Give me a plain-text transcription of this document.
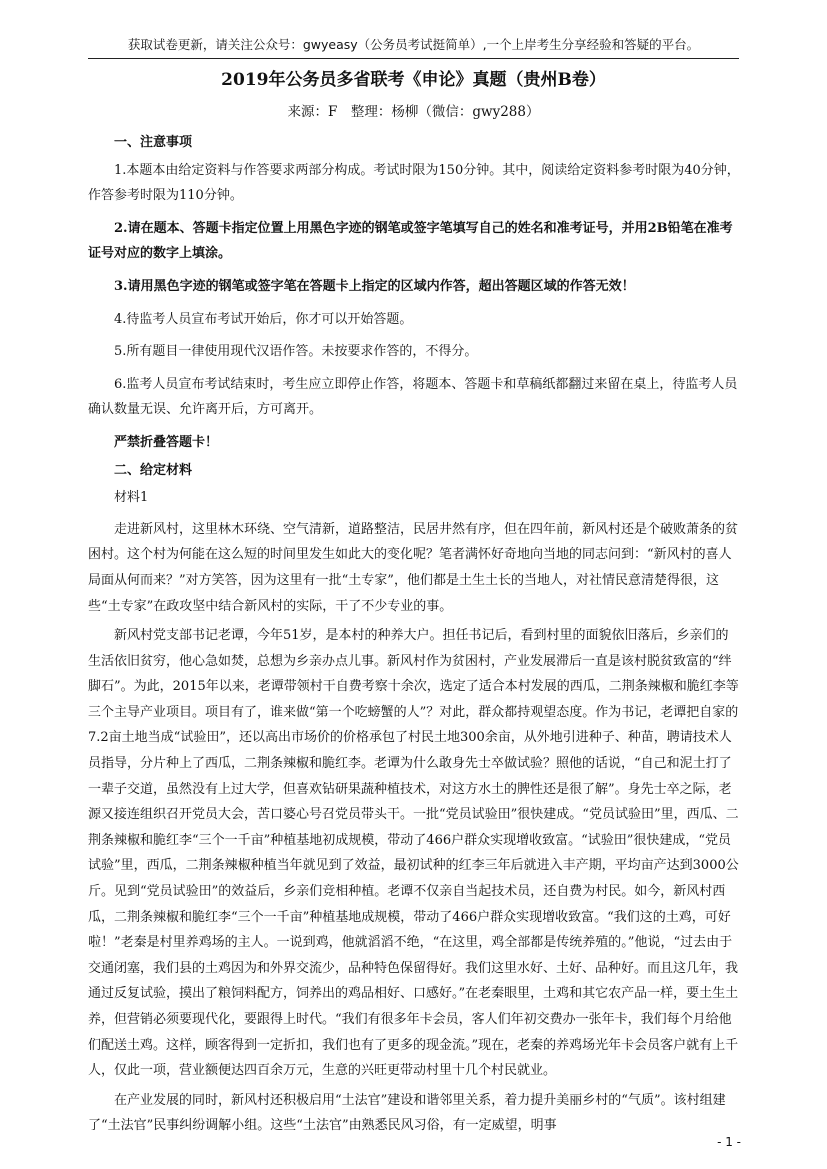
获取试卷更新，请关注公众号：gwyeasy（公务员考试挺简单）,一个上岸考生分享经验和答疑的平台。
2019年公务员多省联考《申论》真题（贵州B卷）
来源：F　整理：杨柳（微信：gwy288）

一、注意事项

1.本题本由给定资料与作答要求两部分构成。考试时限为150分钟。其中，阅读给定资料参考时限为40分钟，作答参考时限为110分钟。

2.请在题本、答题卡指定位置上用黑色字迹的钢笔或签字笔填写自己的姓名和准考证号，并用2B铅笔在准考证号对应的数字上填涂。

3.请用黑色字迹的钢笔或签字笔在答题卡上指定的区域内作答，超出答题区域的作答无效！

4.待监考人员宣布考试开始后，你才可以开始答题。

5.所有题目一律使用现代汉语作答。未按要求作答的，不得分。

6.监考人员宣布考试结束时，考生应立即停止作答，将题本、答题卡和草稿纸都翻过来留在桌上，待监考人员确认数量无误、允许离开后，方可离开。

严禁折叠答题卡！

二、给定材料

材料1

走进新风村，这里林木环绕、空气清新，道路整洁，民居井然有序，但在四年前，新风村还是个破败萧条的贫困村。这个村为何能在这么短的时间里发生如此大的变化呢？笔者满怀好奇地向当地的同志问到：“新风村的喜人局面从何而来？”对方笑答，因为这里有一批“土专家”，他们都是土生土长的当地人，对社情民意清楚得很，这些“土专家”在政攻坚中结合新风村的实际，干了不少专业的事。

新风村党支部书记老谭，今年51岁，是本村的种养大户。担任书记后，看到村里的面貌依旧落后，乡亲们的生活依旧贫穷，他心急如焚，总想为乡亲办点儿事。新风村作为贫困村，产业发展滞后一直是该村脱贫致富的“绊脚石”。为此，2015年以来，老谭带领村干自费考察十余次，选定了适合本村发展的西瓜，二荆条辣椒和脆红李等三个主导产业项目。项目有了，谁来做“第一个吃螃蟹的人”？对此，群众都持观望态度。作为书记，老谭把自家的7.2亩土地当成“试验田”，还以高出市场价的价格承包了村民土地300余亩，从外地引进种子、种苗，聘请技术人员指导，分片种上了西瓜，二荆条辣椒和脆红李。老谭为什么敢身先士卒做试验？照他的话说，“自己和泥土打了一辈子交道，虽然没有上过大学，但喜欢钻研果蔬种植技术，对这方水土的脾性还是很了解”。身先士卒之际，老源又接连组织召开党员大会，苦口婆心号召党员带头干。一批“党员试验田”很快建成。“党员试验田”里，西瓜、二荆条辣椒和脆红李“三个一千亩”种植基地初成规模，带动了466户群众实现增收致富。“试验田”很快建成，“党员试验”里，西瓜，二荆条辣椒种植当年就见到了效益，最初试种的红李三年后就进入丰产期，平均亩产达到3000公斤。见到“党员试验田”的效益后，乡亲们竞相种植。老谭不仅亲自当起技术员，还自费为村民。如今，新风村西瓜，二荆条辣椒和脆红李“三个一千亩”种植基地成规模，带动了466户群众实现增收致富。“我们这的土鸡，可好啦！”老秦是村里养鸡场的主人。一说到鸡，他就滔滔不绝，“在这里，鸡全部都是传统养殖的。”他说，“过去由于交通闭塞，我们县的土鸡因为和外界交流少，品种特色保留得好。我们这里水好、土好、品种好。而且这几年，我通过反复试验，摸出了粮饲料配方，饲养出的鸡品相好、口感好。”在老秦眼里，土鸡和其它农产品一样，要土生土养，但营销必须要现代化，要跟得上时代。“我们有很多年卡会员，客人们年初交费办一张年卡，我们每个月给他们配送土鸡。这样，顾客得到一定折扣，我们也有了更多的现金流。”现在，老秦的养鸡场光年卡会员客户就有上千人，仅此一项，营业额便达四百余万元，生意的兴旺更带动村里十几个村民就业。

在产业发展的同时，新风村还积极启用“土法官”建设和谐邻里关系，着力提升美丽乡村的“气质”。该村组建了“土法官”民事纠纷调解小组。这些“土法官”由熟悉民风习俗，有一定威望，明事

- 1 -
